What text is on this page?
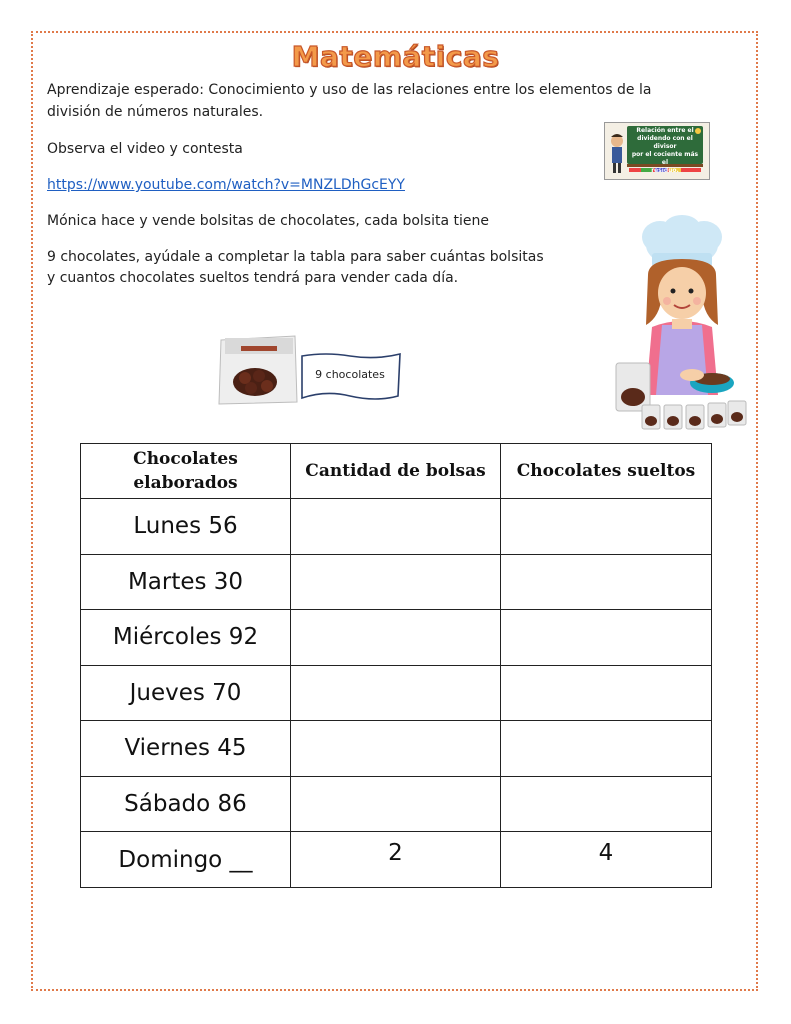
Matemáticas
Aprendizaje esperado: Conocimiento y uso de las relaciones entre los elementos de la
división de números naturales.
Observa el video y contesta
https://www.youtube.com/watch?v=MNZLDhGcEYY
Mónica hace y vende bolsitas de chocolates, cada bolsita tiene
9 chocolates, ayúdale a completar la tabla para saber cuántas bolsitas
y cuantos chocolates sueltos tendrá para vender cada día.
Relación entre el
dividendo con el divisor
por el cociente más el
residuo.
9 chocolates
Chocolates elaborados	Cantidad de bolsas	Chocolates sueltos
Lunes 56		
Martes 30		
Miércoles 92		
Jueves 70		
Viernes 45		
Sábado 86		
Domingo __	2	4
